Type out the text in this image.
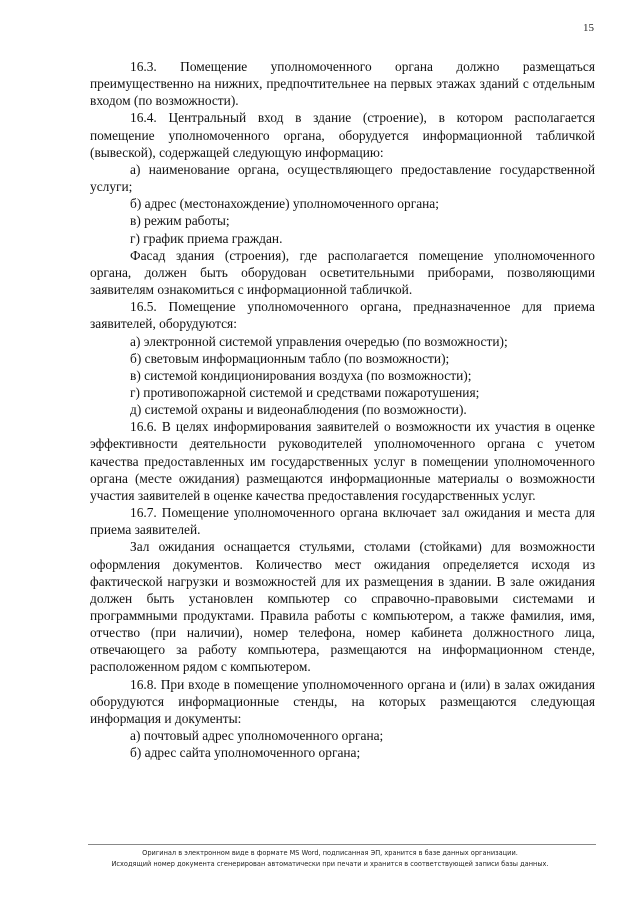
15

16.3. Помещение уполномоченного органа должно размещаться преимущественно на нижних, предпочтительнее на первых этажах зданий с отдельным входом (по возможности).

16.4. Центральный вход в здание (строение), в котором располагается помещение уполномоченного органа, оборудуется информационной табличкой (вывеской), содержащей следующую информацию:

а) наименование органа, осуществляющего предоставление государственной услуги;

б) адрес (местонахождение) уполномоченного органа;

в) режим работы;

г) график приема граждан.

Фасад здания (строения), где располагается помещение уполномоченного органа, должен быть оборудован осветительными приборами, позволяющими заявителям ознакомиться с информационной табличкой.

16.5. Помещение уполномоченного органа, предназначенное для приема заявителей, оборудуются:

а) электронной системой управления очередью (по возможности);

б) световым информационным табло (по возможности);

в) системой кондиционирования воздуха (по возможности);

г) противопожарной системой и средствами пожаротушения;

д) системой охраны и видеонаблюдения (по возможности).

16.6. В целях информирования заявителей о возможности их участия в оценке эффективности деятельности руководителей уполномоченного органа с учетом качества предоставленных им государственных услуг в помещении уполномоченного органа (месте ожидания) размещаются информационные материалы о возможности участия заявителей в оценке качества предоставления государственных услуг.

16.7. Помещение уполномоченного органа включает зал ожидания и места для приема заявителей.

Зал ожидания оснащается стульями, столами (стойками) для возможности оформления документов. Количество мест ожидания определяется исходя из фактической нагрузки и возможностей для их размещения в здании. В зале ожидания должен быть установлен компьютер со справочно-правовыми системами и программными продуктами. Правила работы с компьютером, а также фамилия, имя, отчество (при наличии), номер телефона, номер кабинета должностного лица, отвечающего за работу компьютера, размещаются на информационном стенде, расположенном рядом с компьютером.

16.8. При входе в помещение уполномоченного органа и (или) в залах ожидания оборудуются информационные стенды, на которых размещаются следующая информация и документы:

а) почтовый адрес уполномоченного органа;

б) адрес сайта уполномоченного органа;

Оригинал в электронном виде в формате MS Word, подписанная ЭП, хранится в базе данных организации.
Исходящий номер документа сгенерирован автоматически при печати и хранится в соответствующей записи базы данных.
